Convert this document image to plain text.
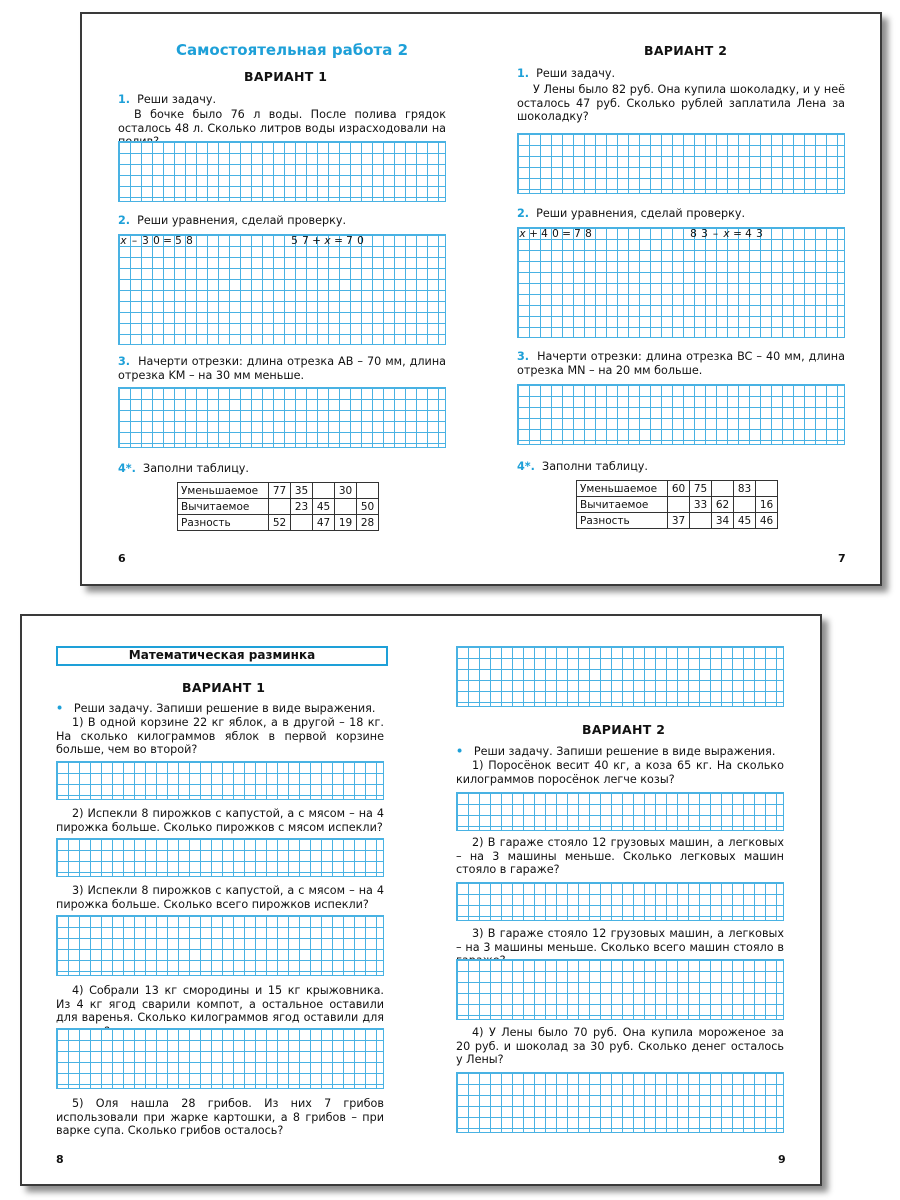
Самостоятельная работа 2
ВАРИАНТ 1
1. Реши задачу.
В бочке было 76 л воды. После полива грядок осталось 48 л. Сколько литров воды израсходовали на
2. Реши уравнения, сделай проверку.
x – 3 0 = 5 8	5 7 + x = 7 0
3. Начерти отрезки: длина отрезка AB – 70 мм, длина отрезка KM – на 30 мм меньше.
4*. Заполни таблицу.
Уменьшаемое	77	35		30	
Вычитаемое		23	45		50
Разность	52		47	19	28
6
ВАРИАНТ 2
1. Реши задачу.
У Лены было 82 руб. Она купила шоколадку, и у неё осталось 47 руб. Сколько рублей заплатила Лена за шоколадку?
2. Реши уравнения, сделай проверку.
x + 4 0 = 7 8	8 3 – x = 4 3
3. Начерти отрезки: длина отрезка BC – 40 мм, длина отрезка MN – на 20 мм больше.
4*. Заполни таблицу.
Уменьшаемое	60	75		83	
Вычитаемое		33	62		16
Разность	37		34	45	46
7
Математическая разминка
ВАРИАНТ 1
• Реши задачу. Запиши решение в виде выражения.
1) В одной корзине 22 кг яблок, а в другой – 18 кг. На сколько килограммов яблок в первой корзине больше, чем во второй?
2) Испекли 8 пирожков с капустой, а с мясом – на 4 пирожка больше. Сколько пирожков с мясом испекли?
3) Испекли 8 пирожков с капустой, а с мясом – на 4 пирожка больше. Сколько всего пирожков испекли?
4) Собрали 13 кг смородины и 15 кг крыжовника. Из 4 кг ягод сварили компот, а остальное оставили для варенья. Сколько килограммов ягод оставили для
5) Оля нашла 28 грибов. Из них 7 грибов использовали при жарке картошки, а 8 грибов – при варке супа. Сколько грибов осталось?
8
ВАРИАНТ 2
• Реши задачу. Запиши решение в виде выражения.
1) Поросёнок весит 40 кг, а коза 65 кг. На сколько килограммов поросёнок легче козы?
2) В гараже стояло 12 грузовых машин, а легковых – на 3 машины меньше. Сколько легковых машин стояло в гараже?
3) В гараже стояло 12 грузовых машин, а легковых – на 3 машины меньше. Сколько всего машин стояло в
4) У Лены было 70 руб. Она купила мороженое за 20 руб. и шоколад за 30 руб. Сколько денег осталось у Лены?
9
